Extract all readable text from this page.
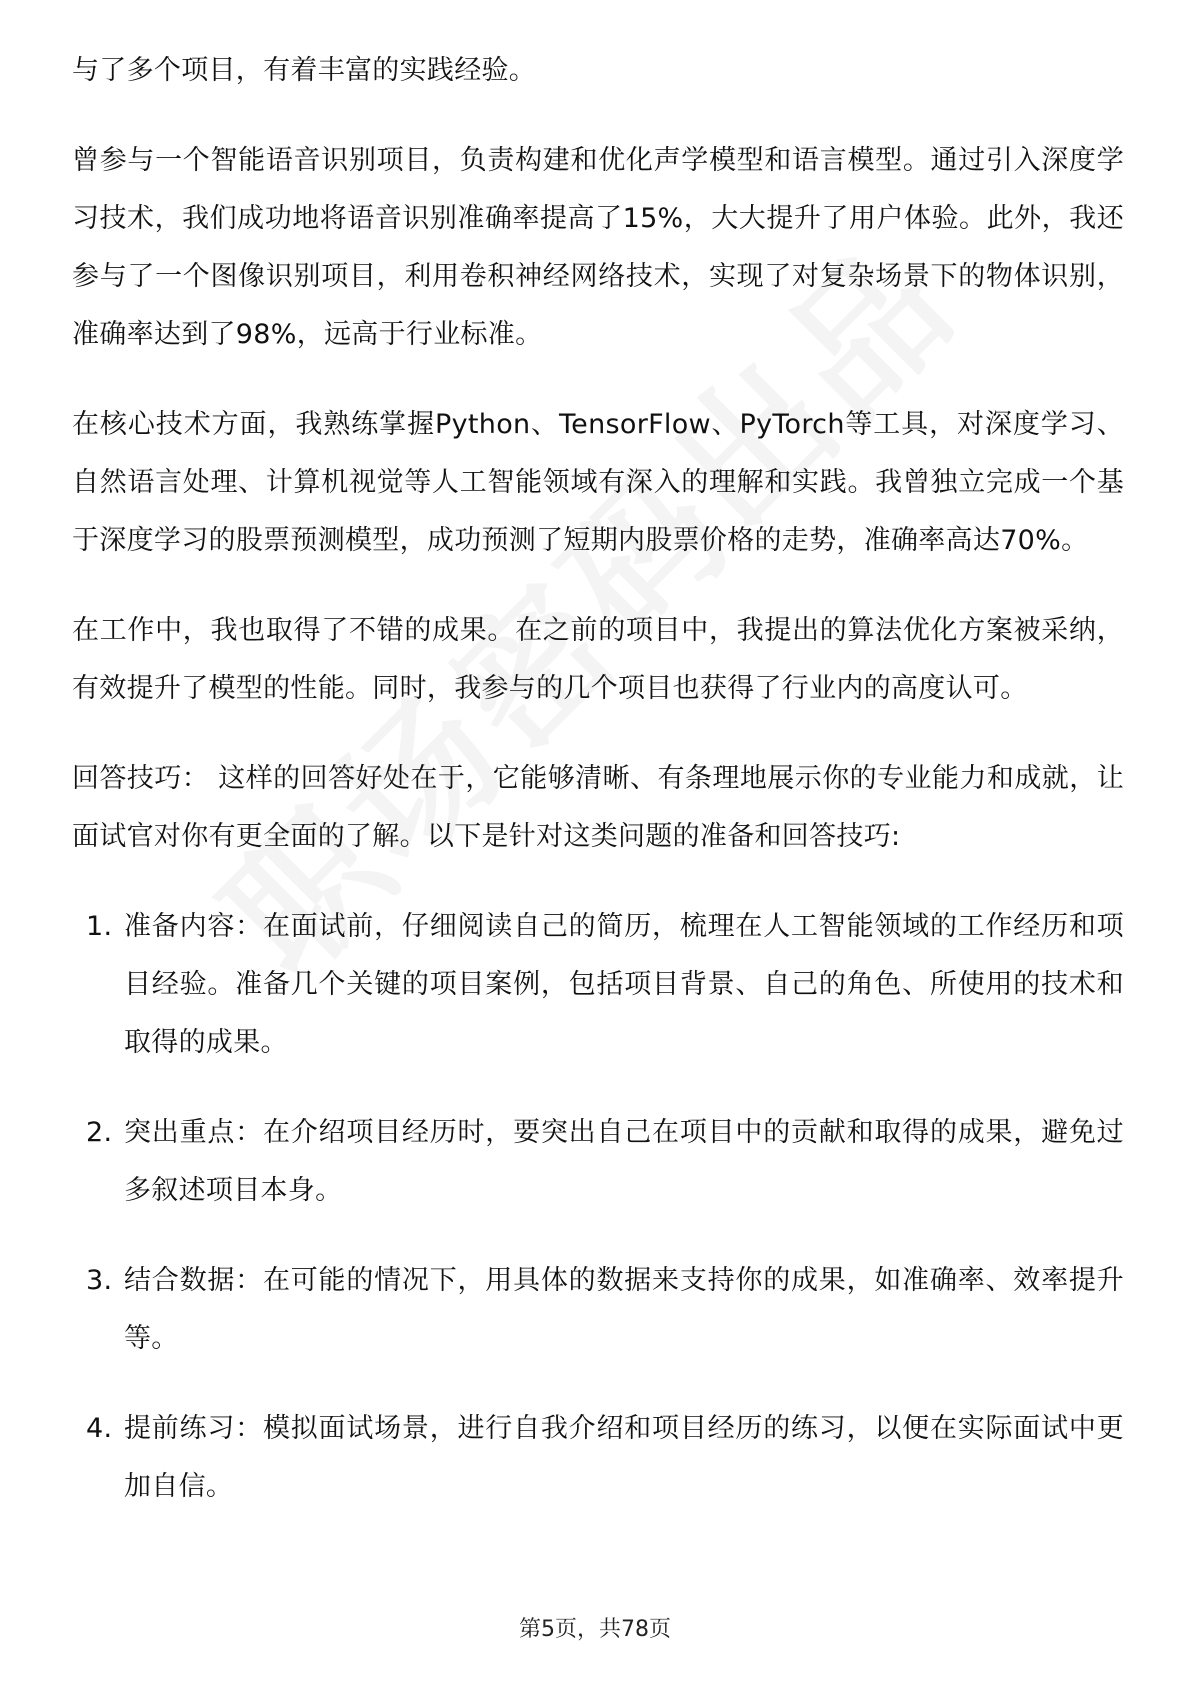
与了多个项目，有着丰富的实践经验。

曾参与一个智能语音识别项目，负责构建和优化声学模型和语言模型。通过引入深度学习技术，我们成功地将语音识别准确率提高了15%，大大提升了用户体验。此外，我还参与了一个图像识别项目，利用卷积神经网络技术，实现了对复杂场景下的物体识别，准确率达到了98%，远高于行业标准。

在核心技术方面，我熟练掌握Python、TensorFlow、PyTorch等工具，对深度学习、自然语言处理、计算机视觉等人工智能领域有深入的理解和实践。我曾独立完成一个基于深度学习的股票预测模型，成功预测了短期内股票价格的走势，准确率高达70%。

在工作中，我也取得了不错的成果。在之前的项目中，我提出的算法优化方案被采纳，有效提升了模型的性能。同时，我参与的几个项目也获得了行业内的高度认可。

回答技巧： 这样的回答好处在于，它能够清晰、有条理地展示你的专业能力和成就，让面试官对你有更全面的了解。以下是针对这类问题的准备和回答技巧:

1. 准备内容：在面试前，仔细阅读自己的简历，梳理在人工智能领域的工作经历和项目经验。准备几个关键的项目案例，包括项目背景、自己的角色、所使用的技术和取得的成果。
2. 突出重点：在介绍项目经历时，要突出自己在项目中的贡献和取得的成果，避免过多叙述项目本身。
3. 结合数据：在可能的情况下，用具体的数据来支持你的成果，如准确率、效率提升等。
4. 提前练习：模拟面试场景，进行自我介绍和项目经历的练习，以便在实际面试中更加自信。
第5页，共78页
